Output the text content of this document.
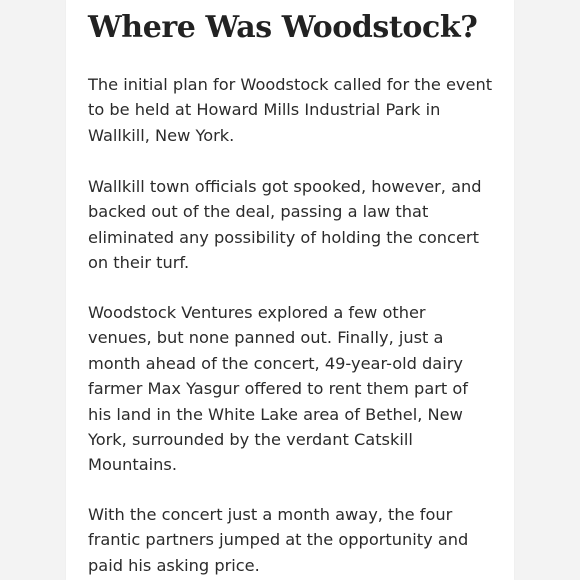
Where Was Woodstock?

The initial plan for Woodstock called for the event
to be held at Howard Mills Industrial Park in
Wallkill, New York.

Wallkill town officials got spooked, however, and
backed out of the deal, passing a law that
eliminated any possibility of holding the concert
on their turf.

Woodstock Ventures explored a few other
venues, but none panned out. Finally, just a
month ahead of the concert, 49-year-old dairy
farmer Max Yasgur offered to rent them part of
his land in the White Lake area of Bethel, New
York, surrounded by the verdant Catskill
Mountains.

With the concert just a month away, the four
frantic partners jumped at the opportunity and
paid his asking price.
